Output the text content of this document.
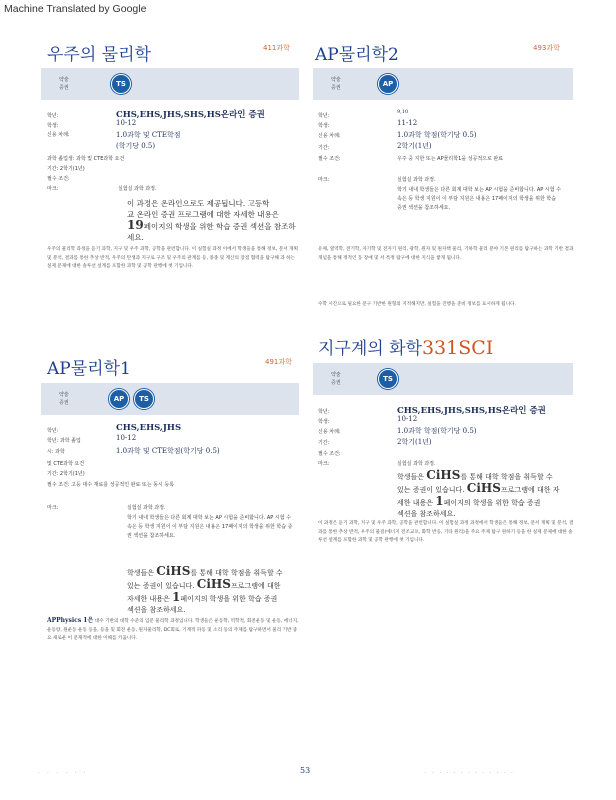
Machine Translated by Google
우주의 물리학	411과학
약술
증권	TS
학년:	CHS,EHS,JHS,SHS,HS온라인 증권
학생:	10-12
신용 차례:	1.0과학 및 CTE학점
(학기당 0.5)
과학 졸업생: 과학 및 CTE과학 요건
기간: 2학기(1년)
필수 조건:
마크:	실험실 과학 과정.
이 과정은 온라인으로도 제공됩니다. 고등학
교 온라인 증권 프로그램에 대한 자세한 내용은
19페이지의 학생을 위한 학습 증권 섹션을 참조하
세요.
우주의 물리학 과정을 듣기 과학, 지구 및 우주 과학, 공학을 관련합니다. 이 실험실 과정 이에서 학생들을 통해 정보, 문서 게획 및 분석, 결과를 통한 추상 반적, 우주의 탄생과 지구로 구조 및 우주의 관계를 등, 종종 및 계산의 장점 협력을 탐구해 과 하는 실제 문제에 대한 솔루션 설계를 포함한 과학 및 공학 관행에 첫 기입니다.
AP물리학2	493과학
약술
증권	AP
학년:
9,10
학생:	11-12
신용 차례:	1.0과학 학점(학기당 0.5)
기간:	2학기(1년)
필수 조건:	우주 중 지한 또는 AP물리학1을 성공적으로 완료
마크:	실험실 과학 과정.
학기 내내 학생들은 다른 회계 대학 보는 AP 시험을 준비합니다. AP 시험 수속은 등 학생 지원이 이 부담 지원은 내용은 17페이지의 학생을 위한 학습 증권 섹션을 참조하세요.
유체, 열역학, 전기학, 자기학 및 전자기 원리, 광학, 원자 및 원자핵 물리, 기하학 물리 분야 기본 원리를 탐구하는 과학 기반 결과 개념을 통해 정적인 동 장애 및 서 특정 탐구에 대한 지식을 쌓게 됩니다.
수학 시간으로 필요한 문구 기반한 원형의 지적해지만, 실험을 진행을 준비 정보를 표시하게 됩니다.
지구계의 화학331SCI
약술
증권	TS
학년:	CHS,EHS,JHS,SHS,HS온라인 증권
학생:	10-12
신용 차례:	1.0과학 학점(학기당 0.5)
기간:	2학기(1년)
필수 조건:
마크:	실험실 과학 과정.
학생들은 CiHS를 통해 대학 학점을 취득할 수
있는 증권이 있습니다. CiHS프로그램에 대한 자
세한 내용은 1페이지의 학생을 위한 학습 증권
섹션을 참조하세요.
이 과정은 듣기 과학, 지구 및 우주 과학, 공학을 관련합니다. 이 실험실 과정 과정에서 학생들은 통해 정보, 문서 게획 및 분석, 결과를 통한 추상 반적, 우주의 물질(에너지 전조교포, 화학 반응, 기타 원리)을 주요 주제 탐구 원하기 등을 한 실제 문제에 대한 솔루션 설계를 포함한 과학 및 공학 관행에 첫 기입니다.
AP물리학1	491과학
약술
증권	AP	TS
학년:	CHS,EHS,JHS
학년: 과학 졸업	10-12
시: 과학	1.0과학 및 CTE학점(학기당 0.5)
및 CTE과학 요건
기간: 2학기(1년)
필수 조건: 고등 대수 재료를 성공적인 완료 또는 동시 등록
마크:	실험실 과학 과정.
학기 내내 학생들은 다른 회계 대학 보는 AP 시험을 준비합니다. AP 시험 수속은 등 학생 지원이 이 부담 지원은 내용은 17페이지의 학생을 위한 학습 증권 섹션을 참조하세요.
학생들은 CiHS를 통해 대학 학점을 취득할 수
있는 증권이 있습니다. CiHS프로그램에 대한
자세한 내용은 1페이지의 학생을 위한 학습 증권
섹션을 참조하세요.
APPhysics 1은 대수 기반의 대학 수준의 입문 물리학 과정입니다. 학생들은 운동학, 역학적, 회전운동 및 운동, 에너지, 운동량, 원운동 운동 등을, 등을 및 회전 운동, 원자물리학, DC회로, 기계적 파동 및 소리 등의 주제를 탐구하면서 물리 기반 중요 새로운 어 문제적에 대한 이해를 키웁니다.
· · · · · ·	53	· · · · · · · · · · · · ·
